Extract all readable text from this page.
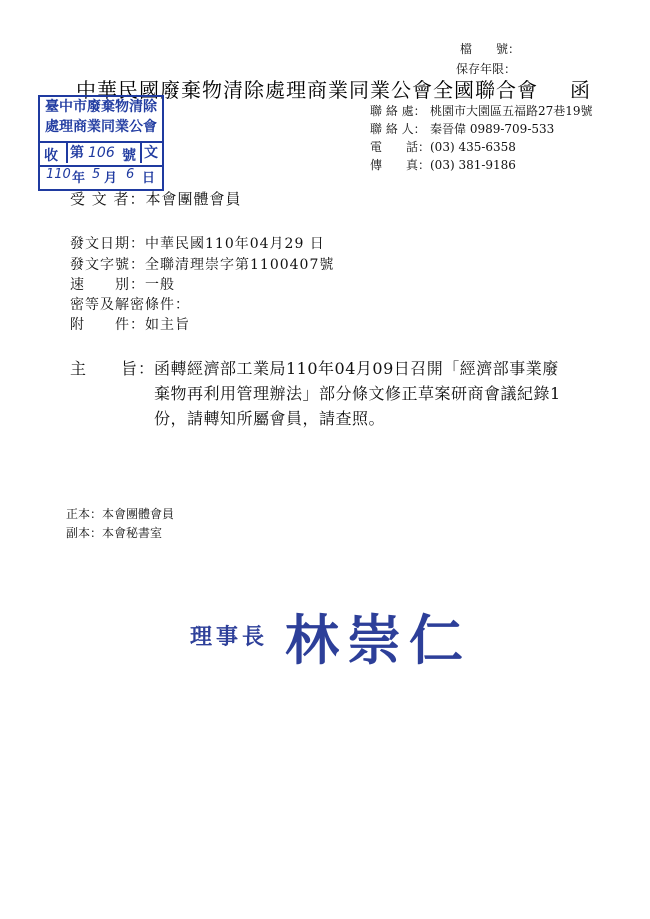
檔　　號：
保存年限：
中華民國廢棄物清除處理商業同業公會全國聯合會 函
臺中市廢棄物清除
處理商業同業公會
收 第 106 號 文
110 年 5 月 6 日
聯 絡 處： 桃園市大園區五福路27巷19號
聯 絡 人： 秦晉偉 0989-709-533
電　　話：(03) 435-6358
傳　　真：(03) 381-9186
受 文 者：本會團體會員
發文日期：中華民國110年04月29 日
發文字號：全聯清理崇字第1100407號
速　　別：一般
密等及解密條件：
附　　件：如主旨
主　　旨：
函轉經濟部工業局110年04月09日召開「經濟部事業廢
棄物再利用管理辦法」部分條文修正草案研商會議紀錄1
份，請轉知所屬會員，請查照。
正本：本會團體會員
副本：本會秘書室
理事長 林崇仁
